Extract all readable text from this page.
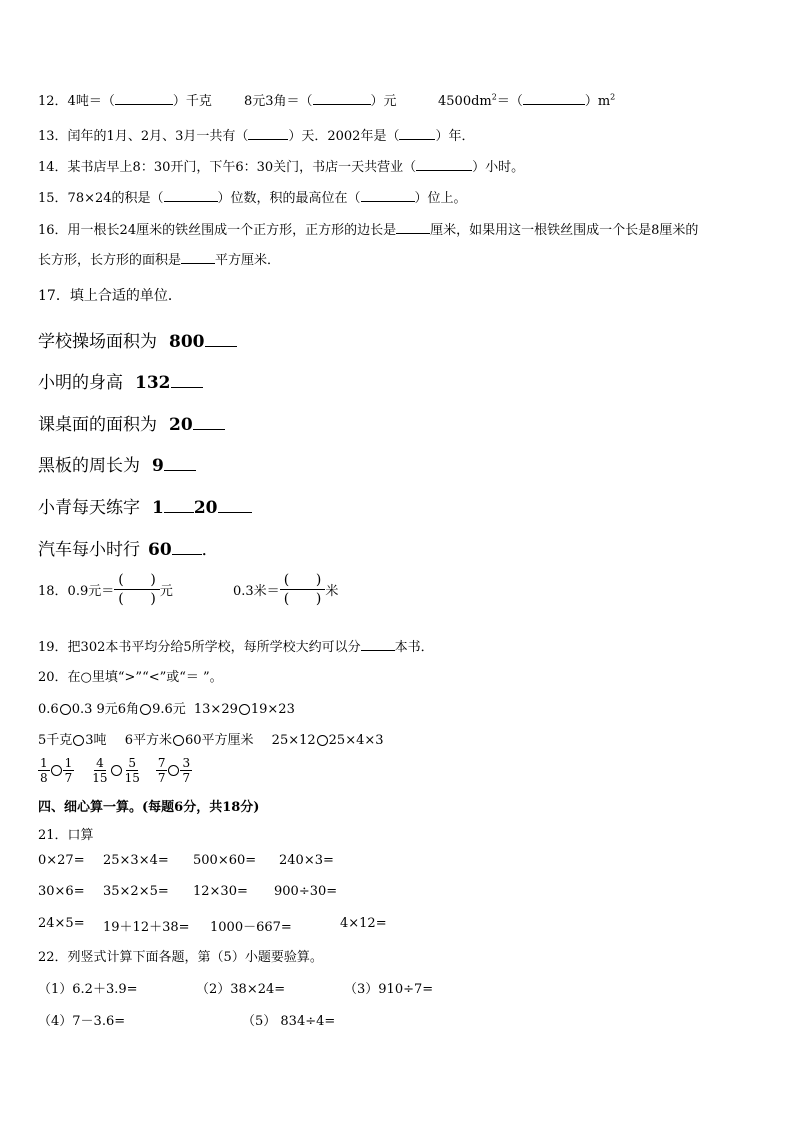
12．4吨＝（	）千克 8元3角＝（	）元	$4500dm^2=$（	）$m^2$
13．闰年的1月、2月、3月一共有（	）天．2002年是（	）年．
14．某书店早上8：30开门，下午6：30关门，书店一天共营业（	）小时。
15．78×24的积是（	）位数，积的最高位在（	）位上。
16．用一根长24厘米的铁丝围成一个正方形，正方形的边长是	厘米，如果用这一根铁丝围成一个长是8厘米的
长方形，长方形的面积是	平方厘米．
17．填上合适的单位．
学校操场面积为 800
小明的身高 132
课桌面的面积为 20
黑板的周长为 9
小青每天练字 1 20
汽车每小时行 60 ．
18．0.9元＝ $\frac{( )}{( )}$ 元	0.3米＝ $\frac{( )}{( )}$ 米
19．把302本书平均分给5所学校，每所学校大约可以分	本书．
20．在○里填“>”“<”或“＝ ”。
0.6 0.3 9元6角 9.6元 13×29 19×23
5千克 3吨 6平方米 60平方厘米 25×12 25×4×3
$\frac{1}{8} \frac{1}{7} \frac{4}{15} \frac{5}{15} \frac{7}{7} \frac{3}{7}$
四、细心算一算。(每题6分，共18分)
21．口算
0×27= 25×3×4= 500×60= 240×3=
30×6= 35×2×5= 12×30= 900÷30=
24×5= 19＋12＋38= 1000－667=	4×12=
22．列竖式计算下面各题，第（5）小题要验算。
（1）6.2＋3.9=	（2）38×24=	（3）910÷7=
（4）7－3.6=	（5） 834÷4=
